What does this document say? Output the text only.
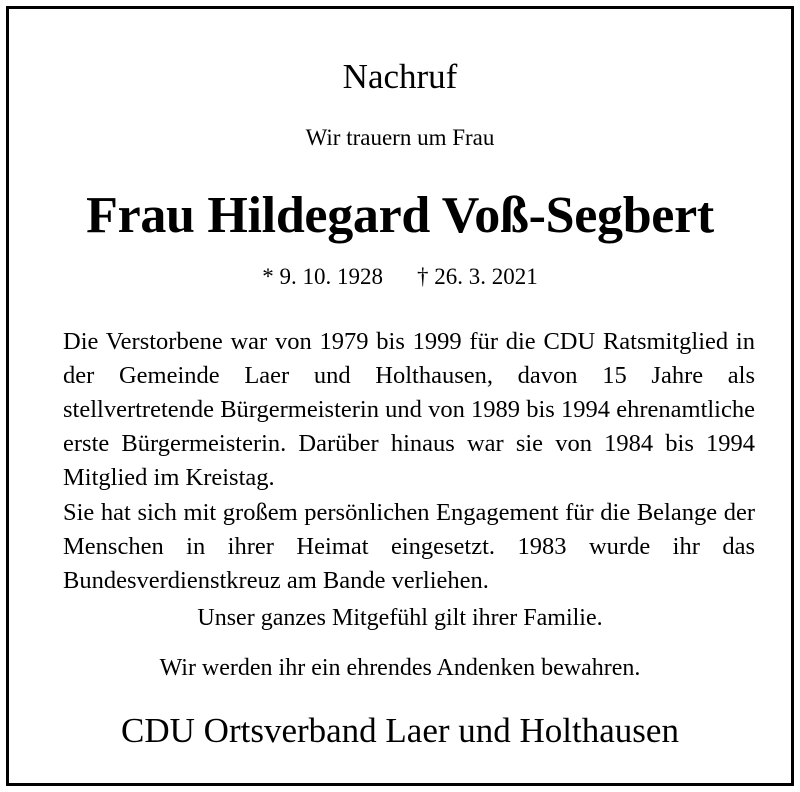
Nachruf
Wir trauern um Frau
Frau Hildegard Voß-Segbert
* 9. 10. 1928 † 26. 3. 2021
Die Verstorbene war von 1979 bis 1999 für die CDU Ratsmitglied in der Gemeinde Laer und Holthausen, davon 15 Jahre als stellvertretende Bürgermeisterin und von 1989 bis 1994 ehrenamtliche erste Bürgermeisterin. Darüber hinaus war sie von 1984 bis 1994 Mitglied im Kreistag.
Sie hat sich mit großem persönlichen Engagement für die Belange der Menschen in ihrer Heimat eingesetzt. 1983 wurde ihr das Bundesverdienstkreuz am Bande verliehen.
Unser ganzes Mitgefühl gilt ihrer Familie.
Wir werden ihr ein ehrendes Andenken bewahren.
CDU Ortsverband Laer und Holthausen
